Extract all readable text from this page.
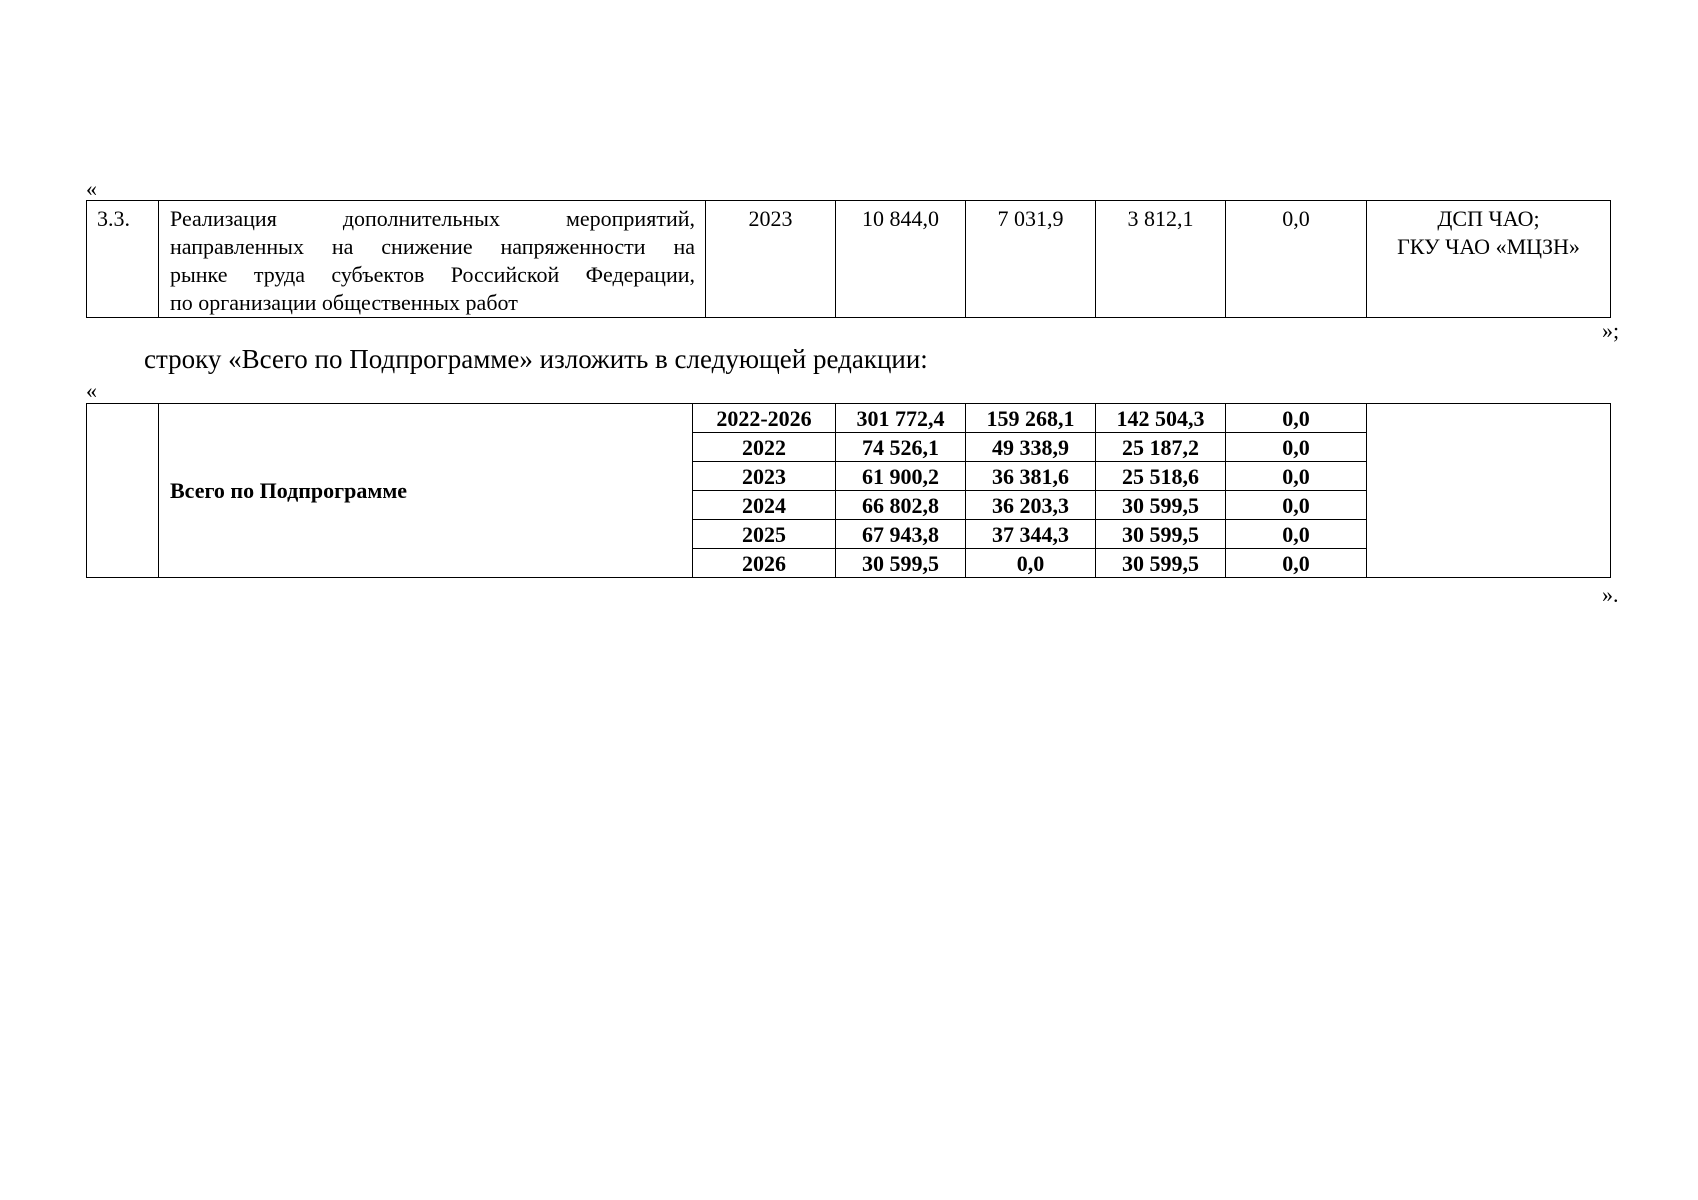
«
3.3.	Реализация дополнительных мероприятий,
направленных на снижение напряженности на
рынке труда субъектов Российской Федерации,
по организации общественных работ
	2023	10 844,0	7 031,9	3 812,1	0,0	ДСП ЧАО;
ГКУ ЧАО «МЦЗН»
»;
строку «Всего по Подпрограмме» изложить в следующей редакции:
«
	Всего по Подпрограмме	2022-2026	301 772,4	159 268,1	142 504,3	0,0	
		2022	74 526,1	49 338,9	25 187,2	0,0	
		2023	61 900,2	36 381,6	25 518,6	0,0	
		2024	66 802,8	36 203,3	30 599,5	0,0	
		2025	67 943,8	37 344,3	30 599,5	0,0	
		2026	30 599,5	0,0	30 599,5	0,0	
».
